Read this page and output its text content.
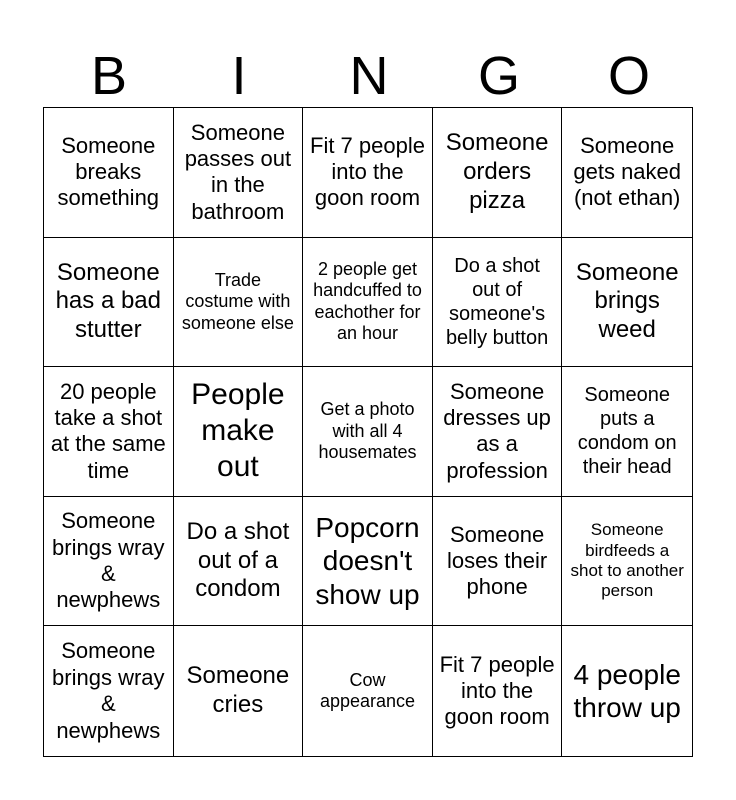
B	I	N	G	O
Someone breaks something
Someone passes out in the bathroom
Fit 7 people into the goon room
Someone orders pizza
Someone gets naked (not ethan)
Someone has a bad stutter
Trade costume with someone else
2 people get handcuffed to eachother for an hour
Do a shot out of someone's belly button
Someone brings weed
20 people take a shot at the same time
People make out
Get a photo with all 4 housemates
Someone dresses up as a profession
Someone puts a condom on their head
Someone brings wray & newphews
Do a shot out of a condom
Popcorn doesn't show up
Someone loses their phone
Someone birdfeeds a shot to another person
Someone brings wray & newphews
Someone cries
Cow appearance
Fit 7 people into the goon room
4 people throw up
